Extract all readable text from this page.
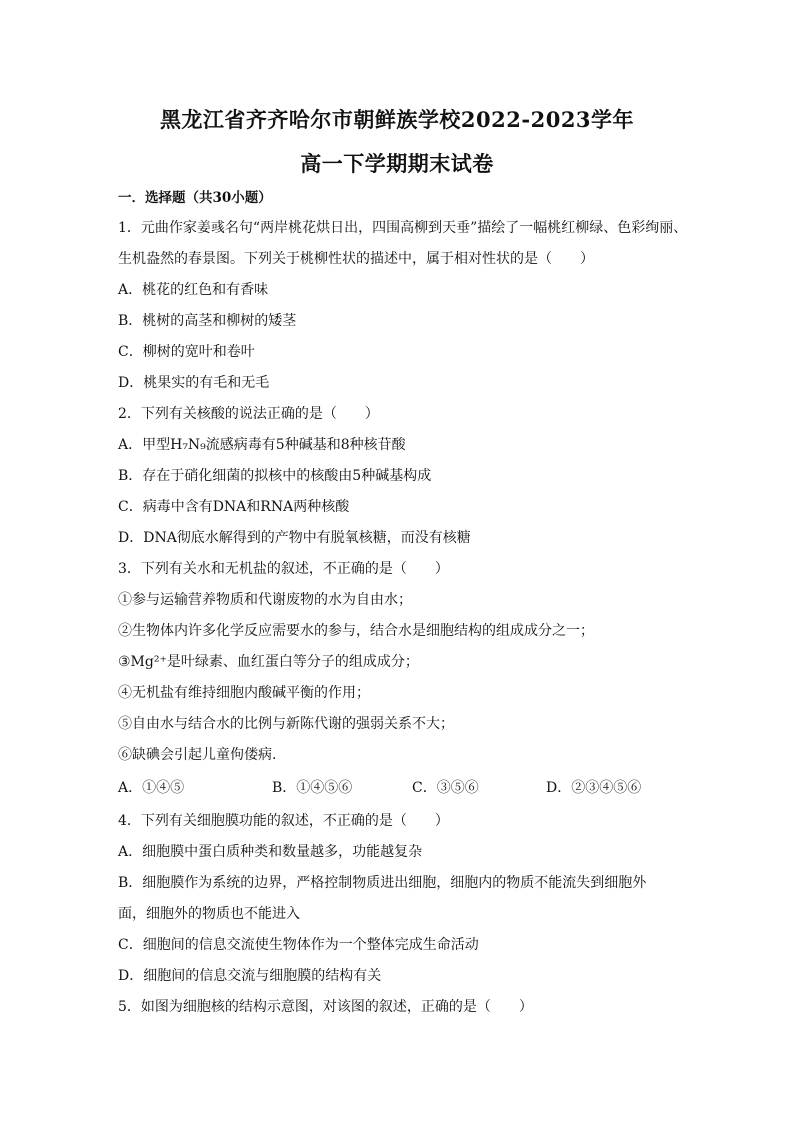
黑龙江省齐齐哈尔市朝鲜族学校2022-2023学年
高一下学期期末试卷
一．选择题（共30小题）
1．元曲作家姜彧名句“两岸桃花烘日出，四围高柳到天垂”描绘了一幅桃红柳绿、色彩绚丽、
生机盎然的春景图。下列关于桃柳性状的描述中，属于相对性状的是（　　）
A．桃花的红色和有香味
B．桃树的高茎和柳树的矮茎
C．柳树的宽叶和卷叶
D．桃果实的有毛和无毛
2．下列有关核酸的说法正确的是（　　）
A．甲型H₇N₉流感病毒有5种碱基和8种核苷酸
B．存在于硝化细菌的拟核中的核酸由5种碱基构成
C．病毒中含有DNA和RNA两种核酸
D．DNA彻底水解得到的产物中有脱氧核糖，而没有核糖
3．下列有关水和无机盐的叙述，不正确的是（　　）
①参与运输营养物质和代谢废物的水为自由水；
②生物体内许多化学反应需要水的参与，结合水是细胞结构的组成成分之一；
③Mg²⁺是叶绿素、血红蛋白等分子的组成成分；
④无机盐有维持细胞内酸碱平衡的作用；
⑤自由水与结合水的比例与新陈代谢的强弱关系不大；
⑥缺碘会引起儿童佝偻病.
A．①④⑤	B．①④⑤⑥	C．③⑤⑥	D．②③④⑤⑥
4．下列有关细胞膜功能的叙述，不正确的是（　　）
A．细胞膜中蛋白质种类和数量越多，功能越复杂
B．细胞膜作为系统的边界，严格控制物质进出细胞，细胞内的物质不能流失到细胞外
面，细胞外的物质也不能进入
C．细胞间的信息交流使生物体作为一个整体完成生命活动
D．细胞间的信息交流与细胞膜的结构有关
5．如图为细胞核的结构示意图，对该图的叙述，正确的是（　　）
